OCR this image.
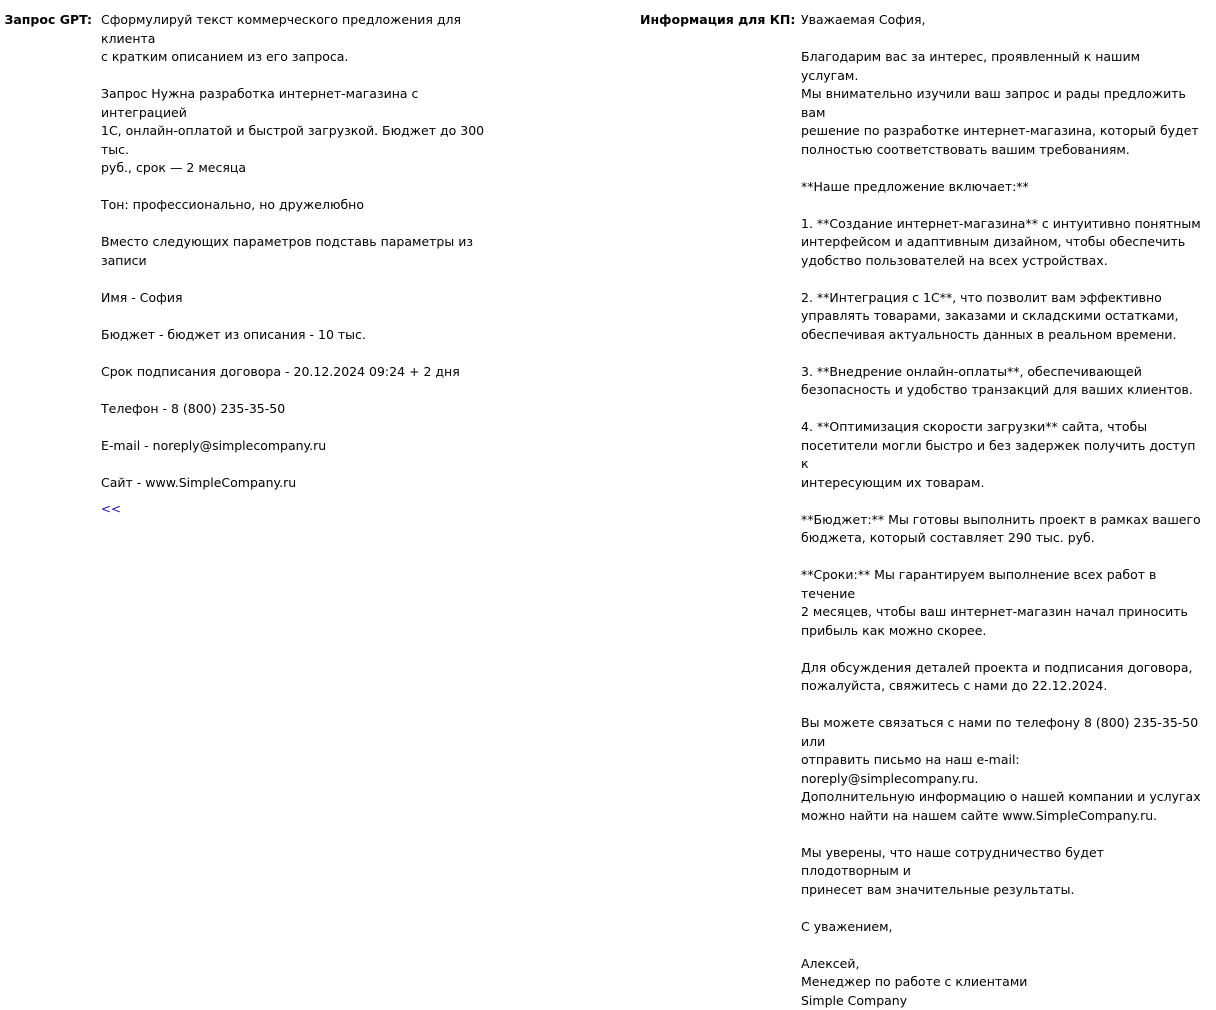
Запрос GPT: Сформулируй текст коммерческого предложения для клиента
с кратким описанием из его запроса.

Запрос Нужна разработка интернет-магазина с интеграцией
1С, онлайн-оплатой и быстрой загрузкой. Бюджет до 300 тыс.
руб., срок — 2 месяца

Тон: профессионально, но дружелюбно

Вместо следующих параметров подставь параметры из записи

Имя - София

Бюджет - бюджет из описания - 10 тыс.

Срок подписания договора - 20.12.2024 09:24 + 2 дня

Телефон - 8 (800) 235-35-50

E-mail - noreply@simplecompany.ru

Сайт - www.SimpleCompany.ru

<<
Информация для КП: Уважаемая София,

Благодарим вас за интерес, проявленный к нашим услугам.
Мы внимательно изучили ваш запрос и рады предложить вам
решение по разработке интернет-магазина, который будет
полностью соответствовать вашим требованиям.

**Наше предложение включает:**

1. **Создание интернет-магазина** с интуитивно понятным
интерфейсом и адаптивным дизайном, чтобы обеспечить
удобство пользователей на всех устройствах.

2. **Интеграция с 1С**, что позволит вам эффективно
управлять товарами, заказами и складскими остатками,
обеспечивая актуальность данных в реальном времени.

3. **Внедрение онлайн-оплаты**, обеспечивающей
безопасность и удобство транзакций для ваших клиентов.

4. **Оптимизация скорости загрузки** сайта, чтобы
посетители могли быстро и без задержек получить доступ к
интересующим их товарам.

**Бюджет:** Мы готовы выполнить проект в рамках вашего
бюджета, который составляет 290 тыс. руб.

**Сроки:** Мы гарантируем выполнение всех работ в течение
2 месяцев, чтобы ваш интернет-магазин начал приносить
прибыль как можно скорее.

Для обсуждения деталей проекта и подписания договора,
пожалуйста, свяжитесь с нами до 22.12.2024.

Вы можете связаться с нами по телефону 8 (800) 235-35-50 или
отправить письмо на наш e-mail: noreply@simplecompany.ru.
Дополнительную информацию о нашей компании и услугах
можно найти на нашем сайте www.SimpleCompany.ru.

Мы уверены, что наше сотрудничество будет плодотворным и
принесет вам значительные результаты.

С уважением,

Алексей,
Менеджер по работе с клиентами
Simple Company
